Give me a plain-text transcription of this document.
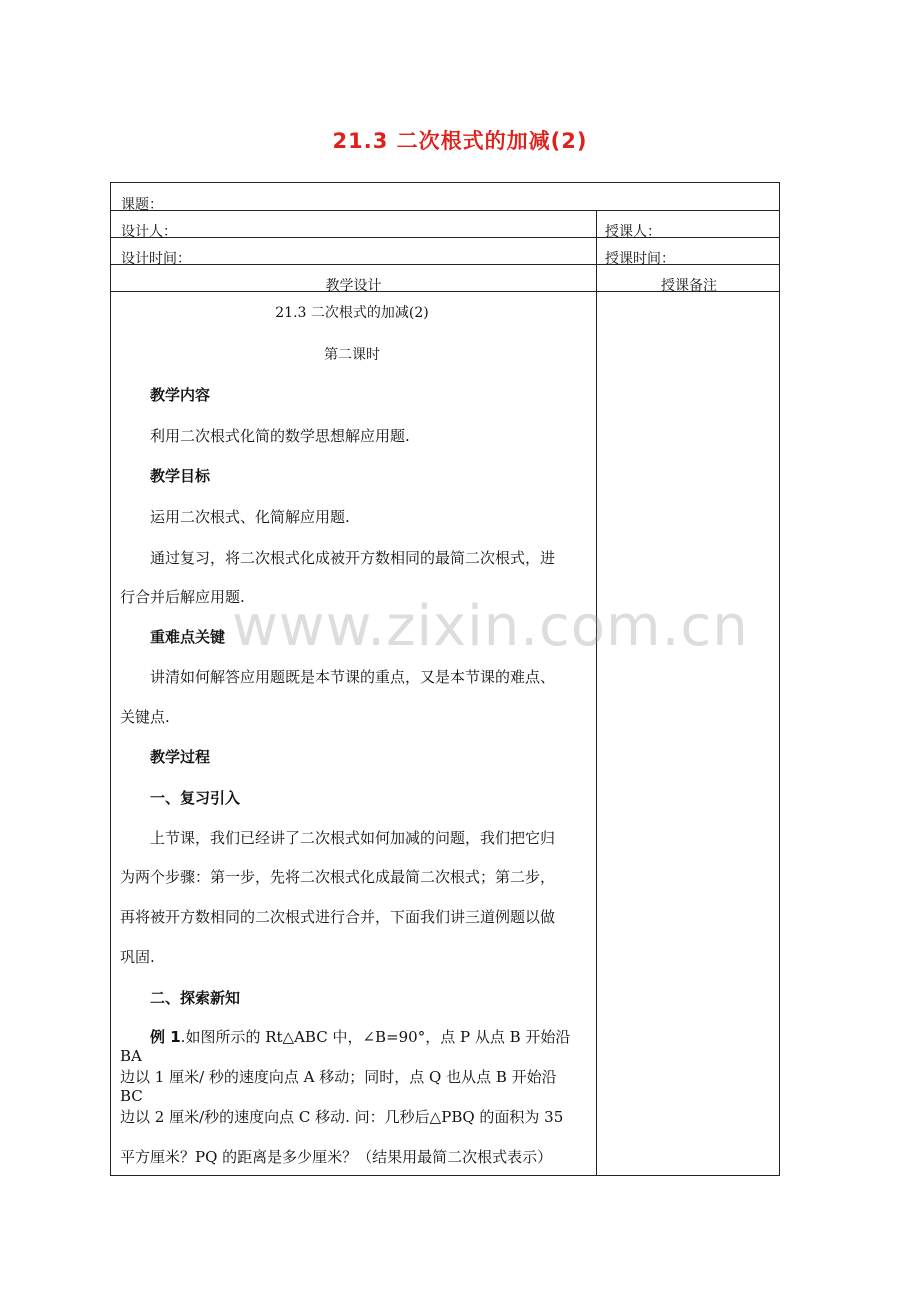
21.3 二次根式的加减(2)
课题：
设计人：	授课人：
设计时间：	授课时间：
教学设计	授课备注

21.3 二次根式的加减(2)

第二课时

教学内容

利用二次根式化简的数学思想解应用题.

教学目标

运用二次根式、化简解应用题.

通过复习，将二次根式化成被开方数相同的最简二次根式，进

行合并后解应用题.

重难点关键

讲清如何解答应用题既是本节课的重点，又是本节课的难点、

关键点.

教学过程

一、复习引入

上节课，我们已经讲了二次根式如何加减的问题，我们把它归

为两个步骤：第一步，先将二次根式化成最简二次根式；第二步，

再将被开方数相同的二次根式进行合并，下面我们讲三道例题以做

巩固.

二、探索新知

例 1.如图所示的 Rt△ABC 中，∠B=90°，点 P 从点 B 开始沿 BA

边以 1 厘米/ 秒的速度向点 A 移动；同时，点 Q 也从点 B 开始沿 BC

边以 2 厘米/秒的速度向点 C 移动. 问：几秒后△PBQ 的面积为 35

平方厘米？PQ 的距离是多少厘米？（结果用最简二次根式表示）

www.zixin.com.cn
